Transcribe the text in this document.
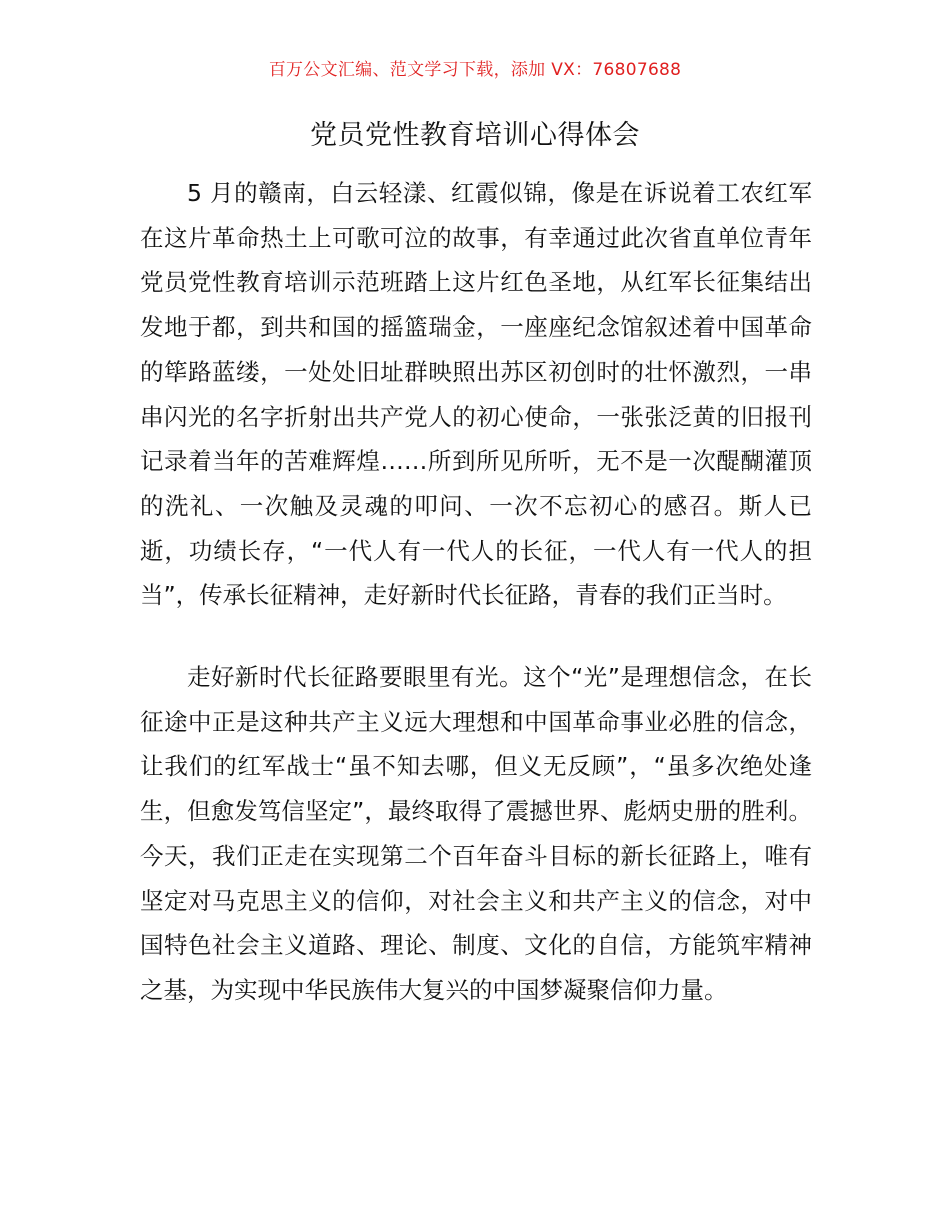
百万公文汇编、范文学习下载，添加 VX：76807688
党员党性教育培训心得体会

5 月的赣南，白云轻漾、红霞似锦，像是在诉说着工农红军在这片革命热土上可歌可泣的故事，有幸通过此次省直单位青年党员党性教育培训示范班踏上这片红色圣地，从红军长征集结出发地于都，到共和国的摇篮瑞金，一座座纪念馆叙述着中国革命的筚路蓝缕，一处处旧址群映照出苏区初创时的壮怀激烈，一串串闪光的名字折射出共产党人的初心使命，一张张泛黄的旧报刊记录着当年的苦难辉煌……所到所见所听，无不是一次醍醐灌顶的洗礼、一次触及灵魂的叩问、一次不忘初心的感召。斯人已逝，功绩长存，“一代人有一代人的长征，一代人有一代人的担当”，传承长征精神，走好新时代长征路，青春的我们正当时。

走好新时代长征路要眼里有光。这个“光”是理想信念，在长征途中正是这种共产主义远大理想和中国革命事业必胜的信念，让我们的红军战士“虽不知去哪，但义无反顾”，“虽多次绝处逢生，但愈发笃信坚定”，最终取得了震撼世界、彪炳史册的胜利。今天，我们正走在实现第二个百年奋斗目标的新长征路上，唯有坚定对马克思主义的信仰，对社会主义和共产主义的信念，对中国特色社会主义道路、理论、制度、文化的自信，方能筑牢精神之基，为实现中华民族伟大复兴的中国梦凝聚信仰力量。
